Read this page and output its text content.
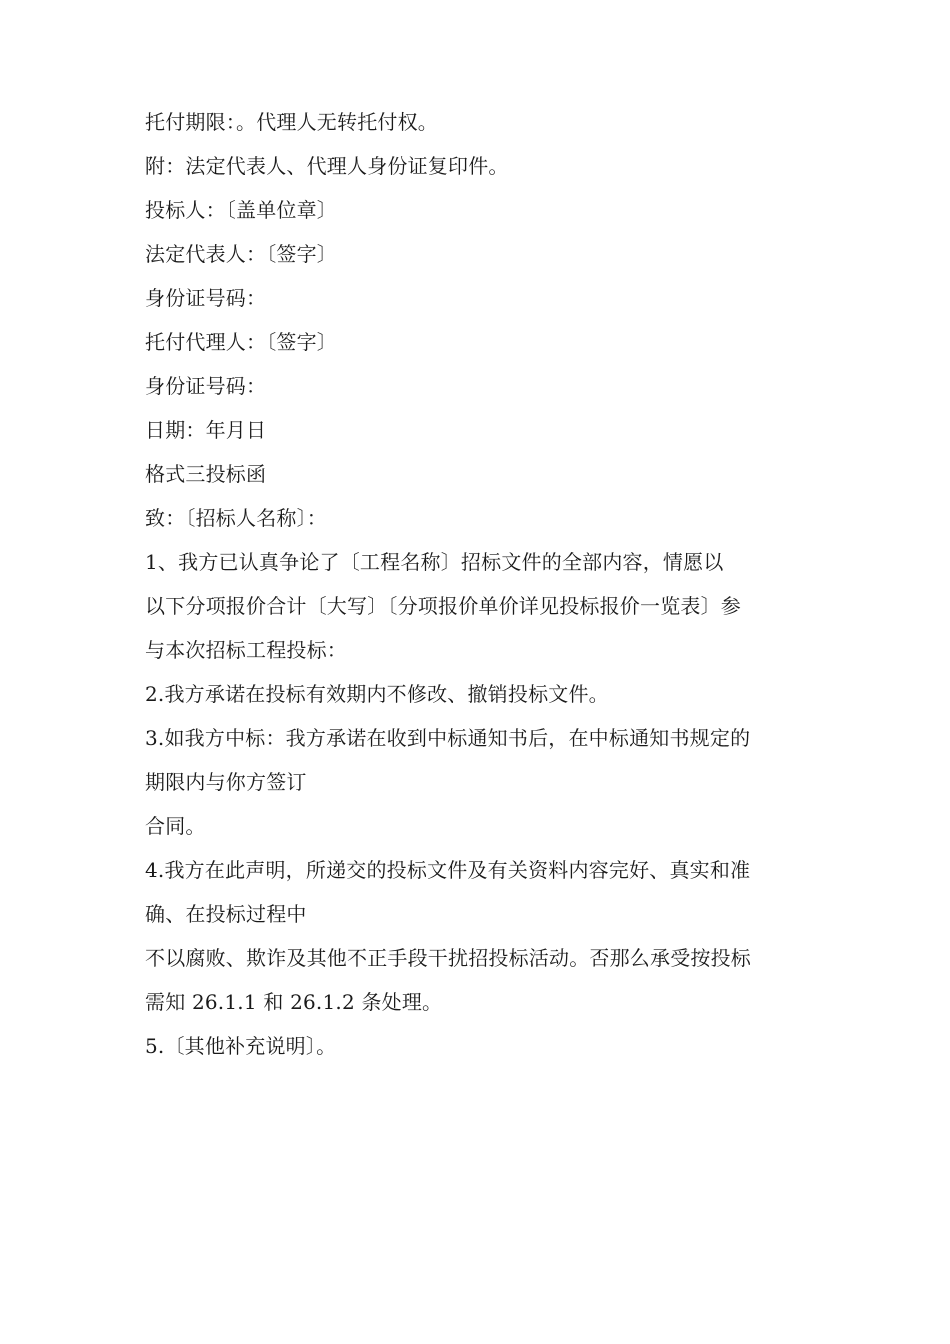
托付期限：。代理人无转托付权。
附：法定代表人、代理人身份证复印件。
投标人：〔盖单位章〕
法定代表人：〔签字〕
身份证号码：
托付代理人：〔签字〕
身份证号码：
日期：年月日
格式三投标函
致：〔招标人名称〕：
1、我方已认真争论了〔工程名称〕招标文件的全部内容，情愿以
以下分项报价合计〔大写〕〔分项报价单价详见投标报价一览表〕参
与本次招标工程投标：
2.我方承诺在投标有效期内不修改、撤销投标文件。
3.如我方中标：我方承诺在收到中标通知书后，在中标通知书规定的
期限内与你方签订
合同。
4.我方在此声明，所递交的投标文件及有关资料内容完好、真实和准
确、在投标过程中
不以腐败、欺诈及其他不正手段干扰招投标活动。否那么承受按投标
需知 26.1.1 和 26.1.2 条处理。
5.〔其他补充说明〕。
